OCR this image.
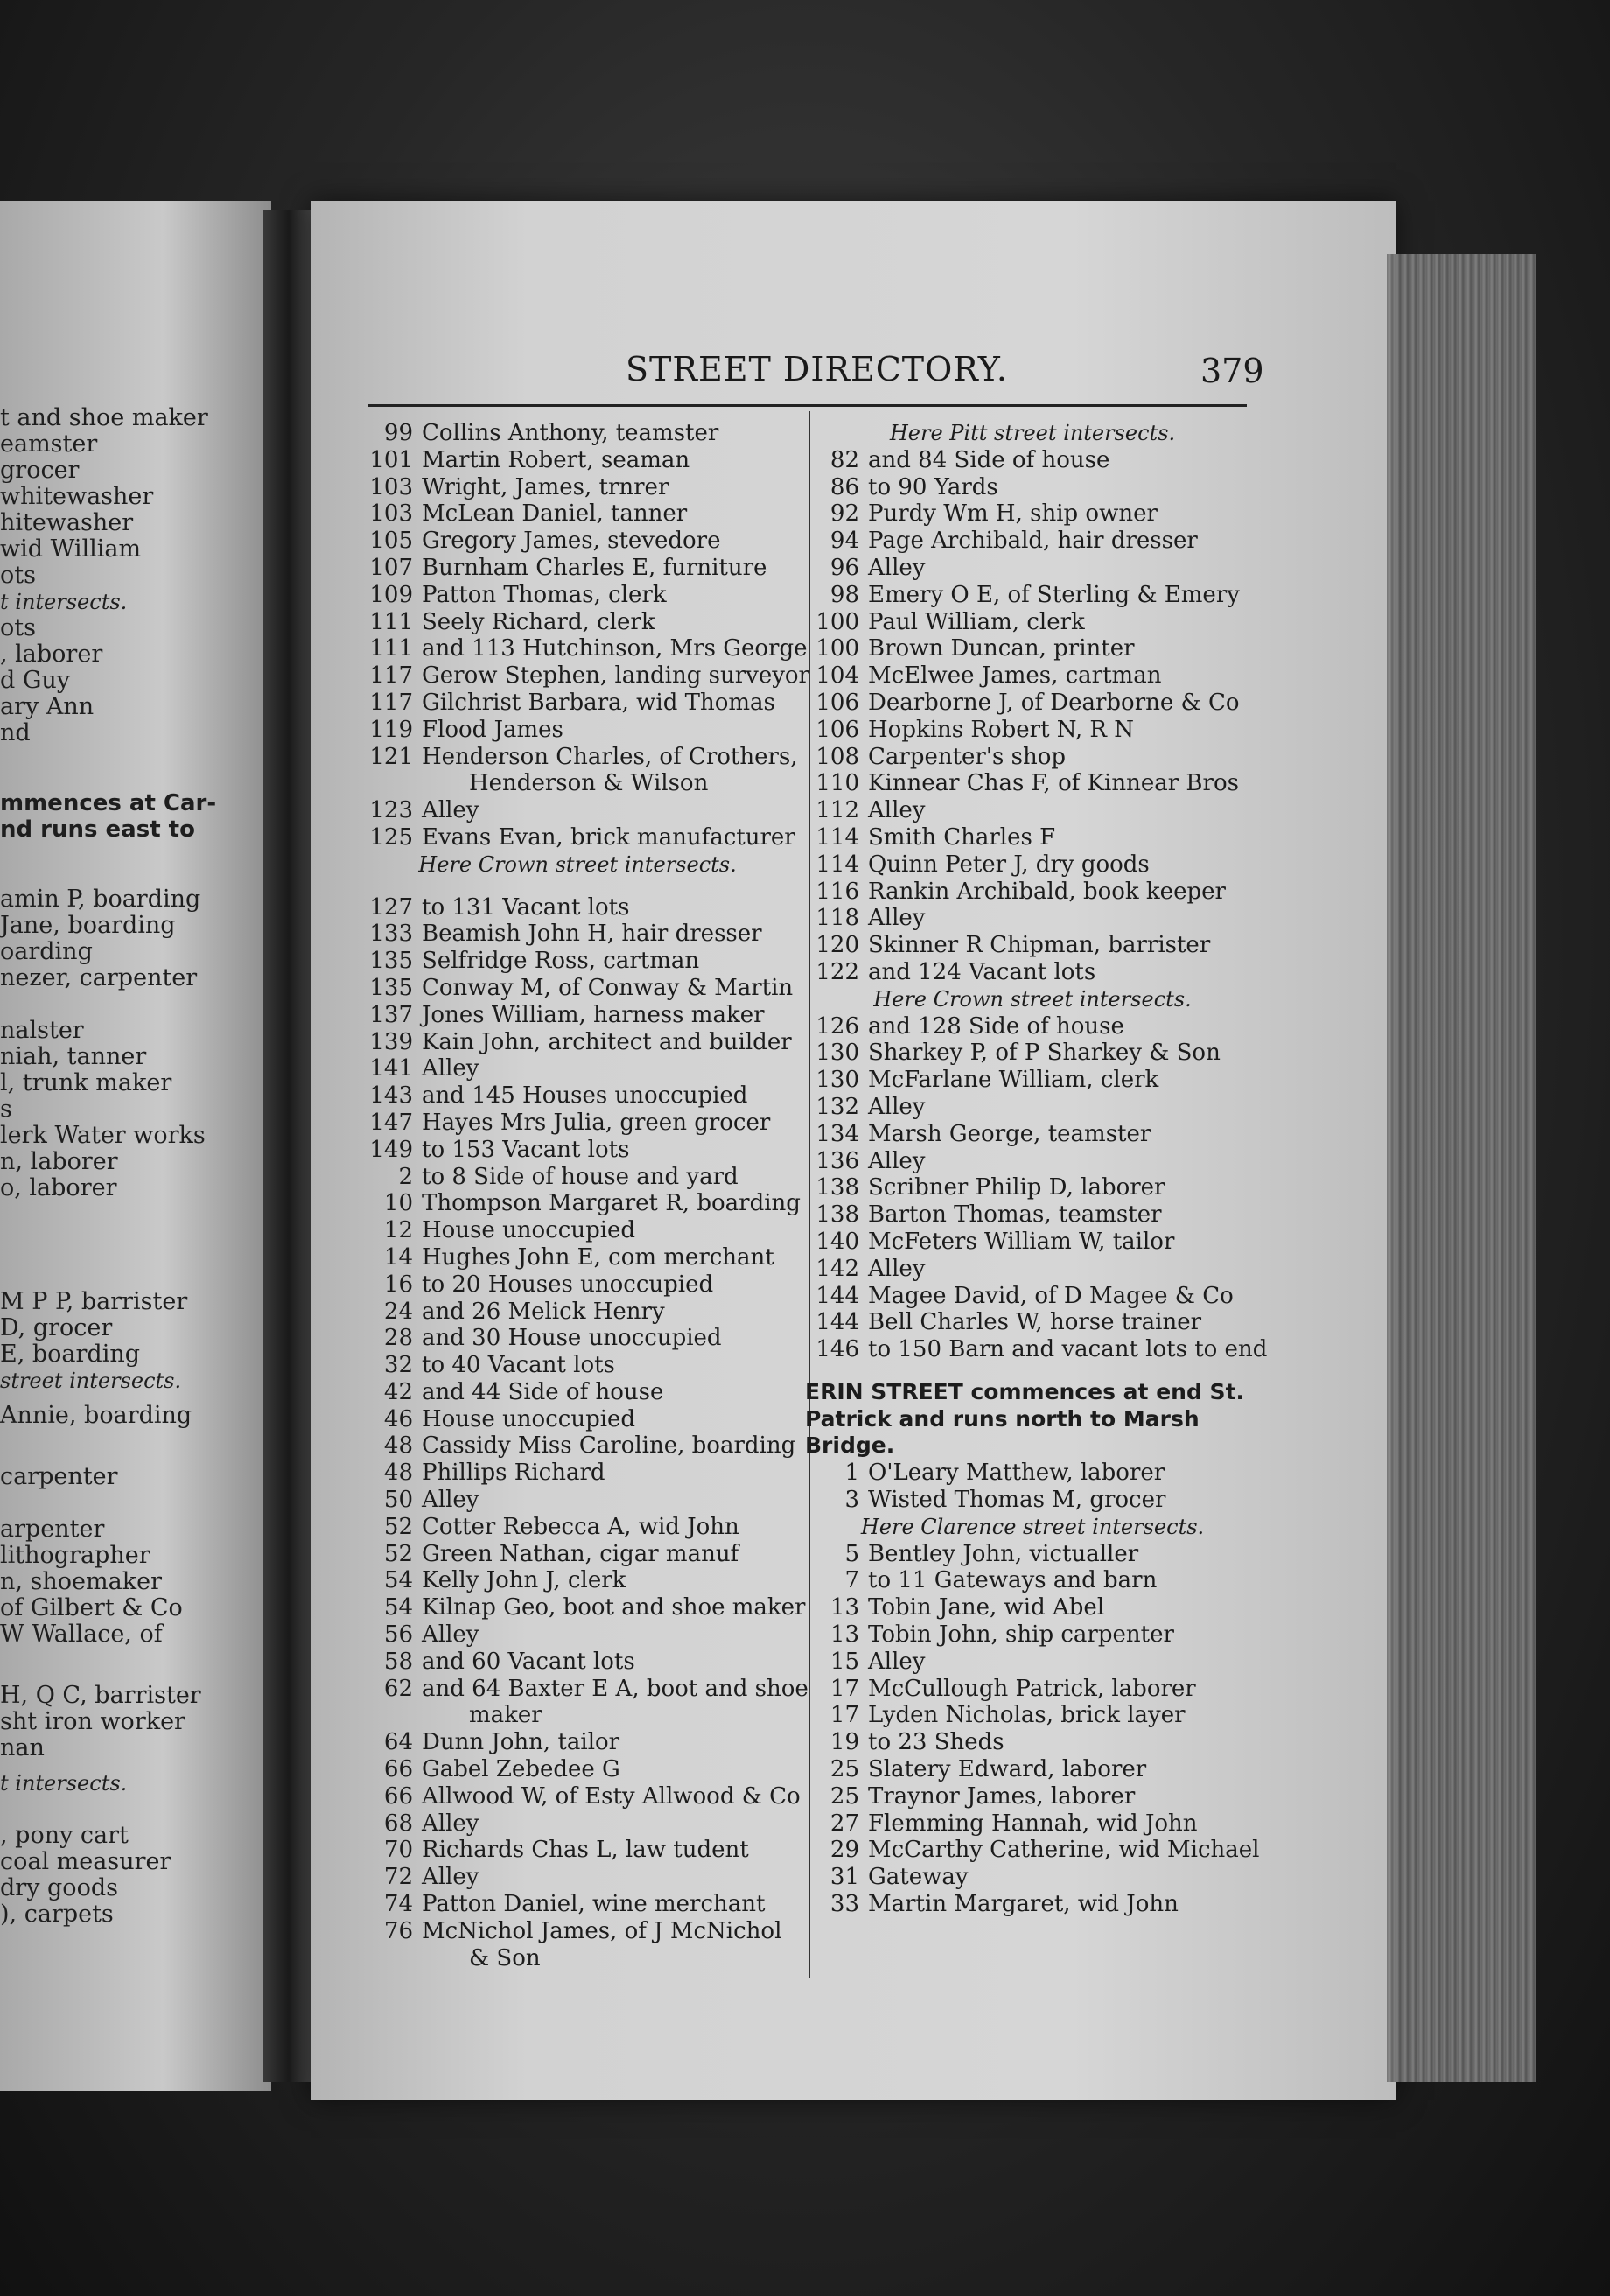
t and shoe maker
eamster
grocer
whitewasher
hitewasher
wid William
ots
t intersects.
ots
, laborer
d Guy
ary Ann
nd
mmences at Car-
nd runs east to
amin P, boarding
Jane, boarding
oarding
nezer, carpenter
nalster
niah, tanner
l, trunk maker
s
lerk Water works
n, laborer
o, laborer
M P P, barrister
D, grocer
E, boarding
street intersects.
Annie, boarding
carpenter
arpenter
lithographer
n, shoemaker
of Gilbert & Co
W Wallace, of
H, Q C, barrister
sht iron worker
nan
t intersects.
, pony cart
coal measurer
dry goods
), carpets
STREET DIRECTORY.	379
99 Collins Anthony, teamster
101 Martin Robert, seaman
103 Wright, James, trnrer
103 McLean Daniel, tanner
105 Gregory James, stevedore
107 Burnham Charles E, furniture
109 Patton Thomas, clerk
111 Seely Richard, clerk
111 and 113 Hutchinson, Mrs George
117 Gerow Stephen, landing surveyor
117 Gilchrist Barbara, wid Thomas
119 Flood James
121 Henderson Charles, of Crothers,
Henderson & Wilson
123 Alley
125 Evans Evan, brick manufacturer
Here Crown street intersects.
127 to 131 Vacant lots
133 Beamish John H, hair dresser
135 Selfridge Ross, cartman
135 Conway M, of Conway & Martin
137 Jones William, harness maker
139 Kain John, architect and builder
141 Alley
143 and 145 Houses unoccupied
147 Hayes Mrs Julia, green grocer
149 to 153 Vacant lots
2 to 8 Side of house and yard
10 Thompson Margaret R, boarding
12 House unoccupied
14 Hughes John E, com merchant
16 to 20 Houses unoccupied
24 and 26 Melick Henry
28 and 30 House unoccupied
32 to 40 Vacant lots
42 and 44 Side of house
46 House unoccupied
48 Cassidy Miss Caroline, boarding
48 Phillips Richard
50 Alley
52 Cotter Rebecca A, wid John
52 Green Nathan, cigar manuf
54 Kelly John J, clerk
54 Kilnap Geo, boot and shoe maker
56 Alley
58 and 60 Vacant lots
62 and 64 Baxter E A, boot and shoe
maker
64 Dunn John, tailor
66 Gabel Zebedee G
66 Allwood W, of Esty Allwood & Co
68 Alley
70 Richards Chas L, law tudent
72 Alley
74 Patton Daniel, wine merchant
76 McNichol James, of J McNichol
& Son
Here Pitt street intersects.
82 and 84 Side of house
86 to 90 Yards
92 Purdy Wm H, ship owner
94 Page Archibald, hair dresser
96 Alley
98 Emery O E, of Sterling & Emery
100 Paul William, clerk
100 Brown Duncan, printer
104 McElwee James, cartman
106 Dearborne J, of Dearborne & Co
106 Hopkins Robert N, R N
108 Carpenter's shop
110 Kinnear Chas F, of Kinnear Bros
112 Alley
114 Smith Charles F
114 Quinn Peter J, dry goods
116 Rankin Archibald, book keeper
118 Alley
120 Skinner R Chipman, barrister
122 and 124 Vacant lots
Here Crown street intersects.
126 and 128 Side of house
130 Sharkey P, of P Sharkey & Son
130 McFarlane William, clerk
132 Alley
134 Marsh George, teamster
136 Alley
138 Scribner Philip D, laborer
138 Barton Thomas, teamster
140 McFeters William W, tailor
142 Alley
144 Magee David, of D Magee & Co
144 Bell Charles W, horse trainer
146 to 150 Barn and vacant lots to end
ERIN STREET commences at end St.
Patrick and runs north to Marsh
Bridge.
1 O'Leary Matthew, laborer
3 Wisted Thomas M, grocer
Here Clarence street intersects.
5 Bentley John, victualler
7 to 11 Gateways and barn
13 Tobin Jane, wid Abel
13 Tobin John, ship carpenter
15 Alley
17 McCullough Patrick, laborer
17 Lyden Nicholas, brick layer
19 to 23 Sheds
25 Slatery Edward, laborer
25 Traynor James, laborer
27 Flemming Hannah, wid John
29 McCarthy Catherine, wid Michael
31 Gateway
33 Martin Margaret, wid John
